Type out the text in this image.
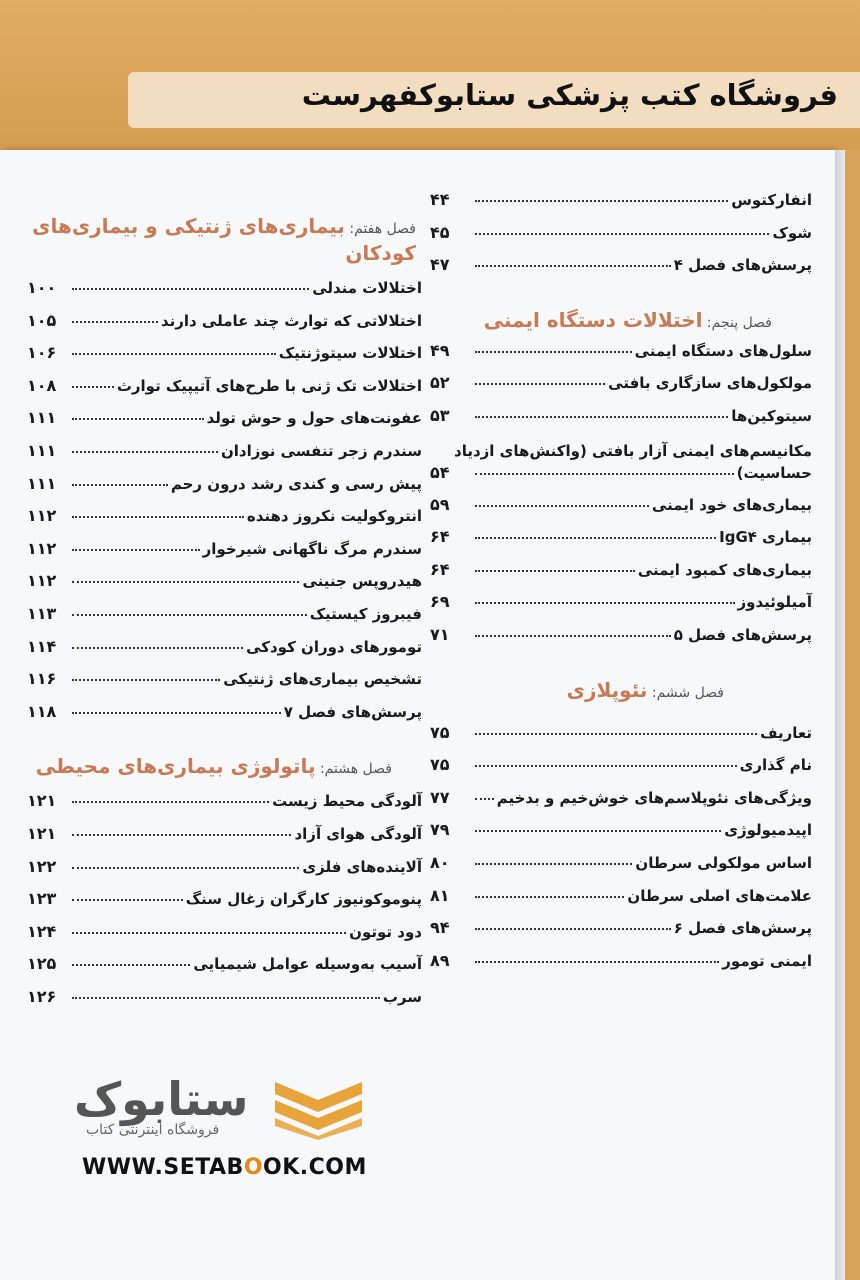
فروشگاه کتب پزشکی ستابوکفهرست
انفارکتوس
۴۴
شوک
۴۵
پرسش‌های فصل ۴
۴۷
فصل پنجم: اختلالات دستگاه ایمنی
سلول‌های دستگاه ایمنی
۴۹
مولکول‌های سازگاری بافتی
۵۲
سیتوکین‌ها
۵۳
مکانیسم‌های ایمنی آزار بافتی (واکنش‌های ازدیاد
حساسیت)
۵۴
بیماری‌های خود ایمنی
۵۹
بیماری IgG۴
۶۴
بیماری‌های کمبود ایمنی
۶۴
آمیلوئیدوز
۶۹
پرسش‌های فصل ۵
۷۱
فصل ششم: نئوپلازی
تعاریف
۷۵
نام گذاری
۷۵
ویژگی‌های نئوپلاسم‌های خوش‌خیم و بدخیم
۷۷
اپیدمیولوژی
۷۹
اساس مولکولی سرطان
۸۰
علامت‌های اصلی سرطان
۸۱
پرسش‌های فصل ۶
۹۴
ایمنی تومور
۸۹
فصل هفتم: بیماری‌های ژنتیکی و بیماری‌های کودکان
اختلالات مندلی
۱۰۰
اختلالاتی که توارث چند عاملی دارند
۱۰۵
اختلالات سیتوژنتیک
۱۰۶
اختلالات تک ژنی با طرح‌های آتیپیک توارث
۱۰۸
عفونت‌های حول و حوش تولد
۱۱۱
سندرم زجر تنفسی نوزادان
۱۱۱
پیش رسی و کندی رشد درون رحم
۱۱۱
انتروکولیت نکروز دهنده
۱۱۲
سندرم مرگ ناگهانی شیرخوار
۱۱۲
هیدروپس جنینی
۱۱۲
فیبروز کیستیک
۱۱۳
تومورهای دوران کودکی
۱۱۴
تشخیص بیماری‌های ژنتیکی
۱۱۶
پرسش‌های فصل ۷
۱۱۸
فصل هشتم: پاتولوژی بیماری‌های محیطی
آلودگی محیط زیست
۱۲۱
آلودگی هوای آزاد
۱۲۱
آلاینده‌های فلزی
۱۲۲
پنوموکونیوز کارگران زغال سنگ
۱۲۳
دود توتون
۱۲۴
آسیب به‌وسیله عوامل شیمیایی
۱۲۵
سرب
۱۲۶
ستابوک
فروشگاه اینترنتی کتاب
WWW.SETABOOK.COM
